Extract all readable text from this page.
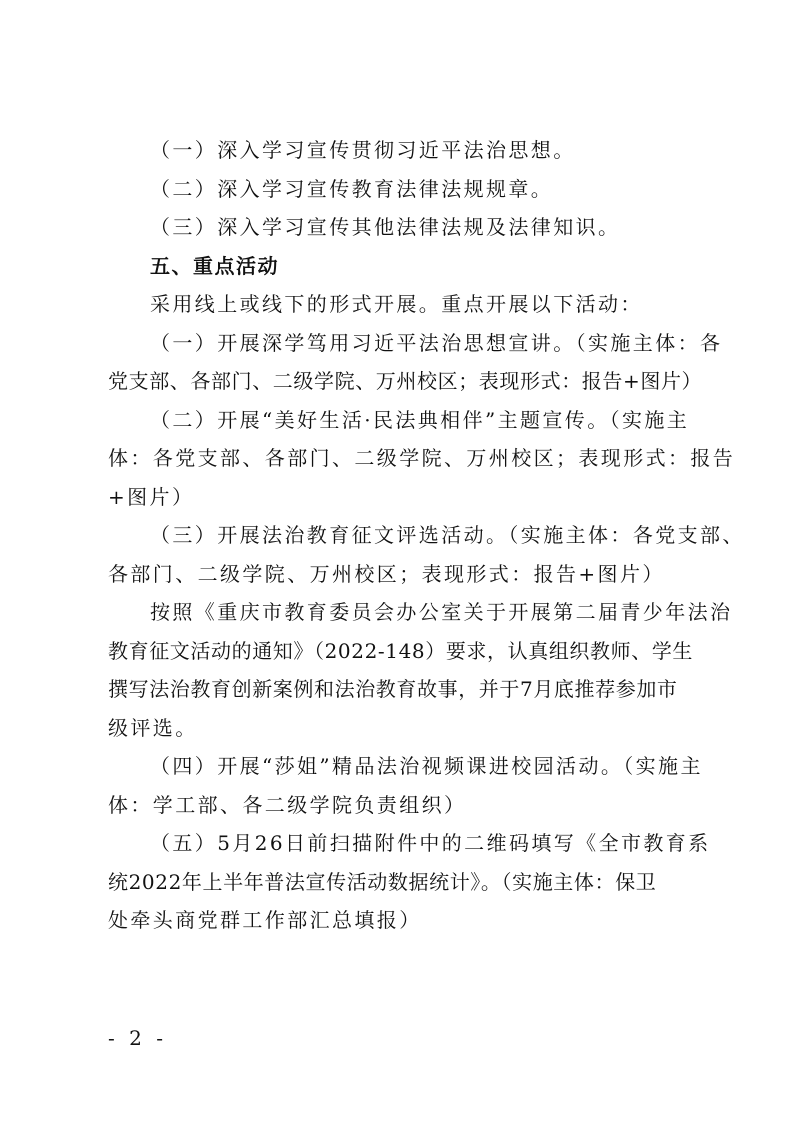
（一）深入学习宣传贯彻习近平法治思想。
（二）深入学习宣传教育法律法规规章。
（三）深入学习宣传其他法律法规及法律知识。
五、重点活动
采用线上或线下的形式开展。重点开展以下活动：
（一）开展深学笃用习近平法治思想宣讲。（实施主体：各
党支部、各部门、二级学院、万州校区；表现形式：报告+图片）
（二）开展“美好生活·民法典相伴”主题宣传。（实施主
体：各党支部、各部门、二级学院、万州校区；表现形式：报告
+图片）
（三）开展法治教育征文评选活动。（实施主体：各党支部、
各部门、二级学院、万州校区；表现形式：报告+图片）
按照《重庆市教育委员会办公室关于开展第二届青少年法治
教育征文活动的通知》（2022-148）要求，认真组织教师、学生
撰写法治教育创新案例和法治教育故事，并于7月底推荐参加市
级评选。
（四）开展“莎姐”精品法治视频课进校园活动。（实施主
体：学工部、各二级学院负责组织）
（五）5月26日前扫描附件中的二维码填写《全市教育系
统2022年上半年普法宣传活动数据统计》。（实施主体：保卫
处牵头商党群工作部汇总填报）
- 2 -
